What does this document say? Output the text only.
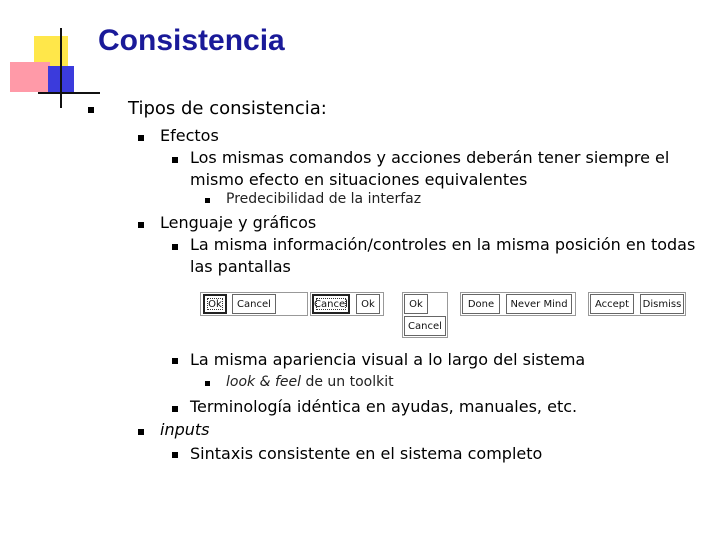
Consistencia
Tipos de consistencia:
Efectos
Los mismas comandos y acciones deberán tener siempre el mismo efecto en situaciones equivalentes
Predecibilidad de la interfaz
Lenguaje y gráficos
La misma información/controles en la misma posición en todas las pantallas
Ok	Cancel	Cancel	Ok	Ok
Cancel
Done	Never Mind	Accept	Dismiss
La misma apariencia visual a lo largo del sistema
look & feel de un toolkit
Terminología idéntica en ayudas, manuales, etc.
inputs
Sintaxis consistente en el sistema completo
